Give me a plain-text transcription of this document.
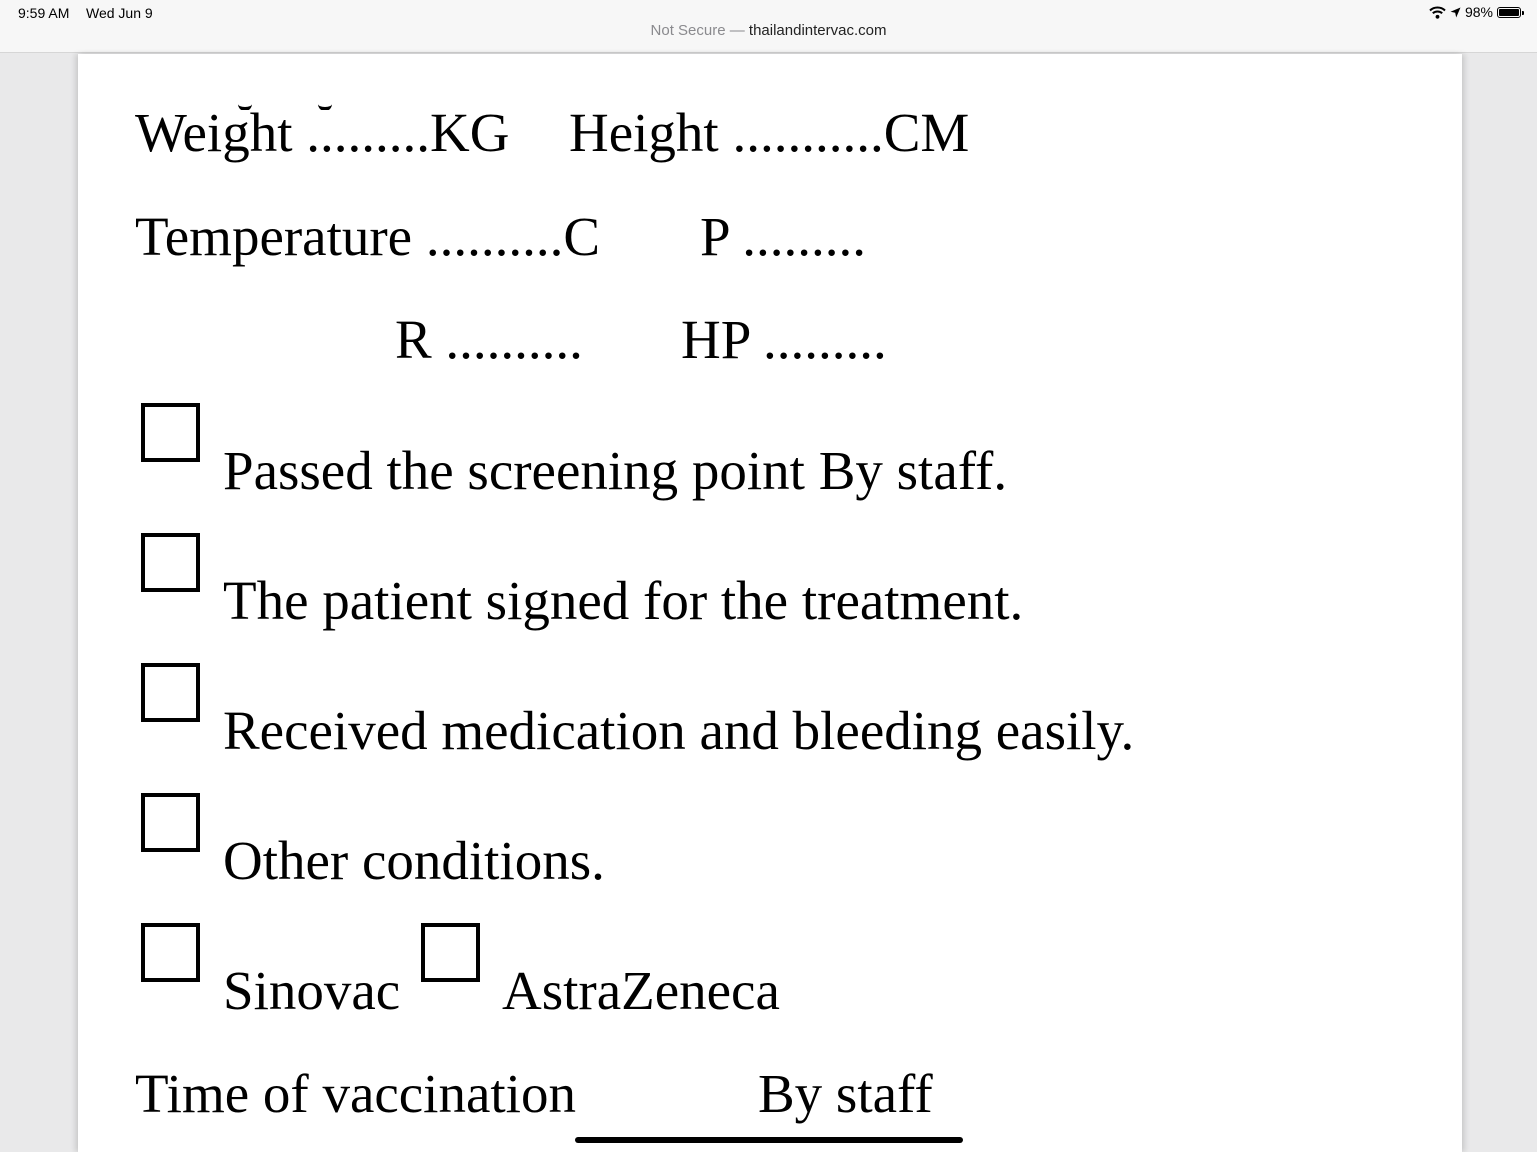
9:59 AM Wed Jun 9
Not Secure — thailandintervac.com
98%
Weight .........KG Height ...........CM
Temperature ..........C P .........
R .......... HP .........
Passed the screening point By staff.
The patient signed for the treatment.
Received medication and bleeding easily.
Other conditions.
Sinovac AstraZeneca
Time of vaccination	By staff
